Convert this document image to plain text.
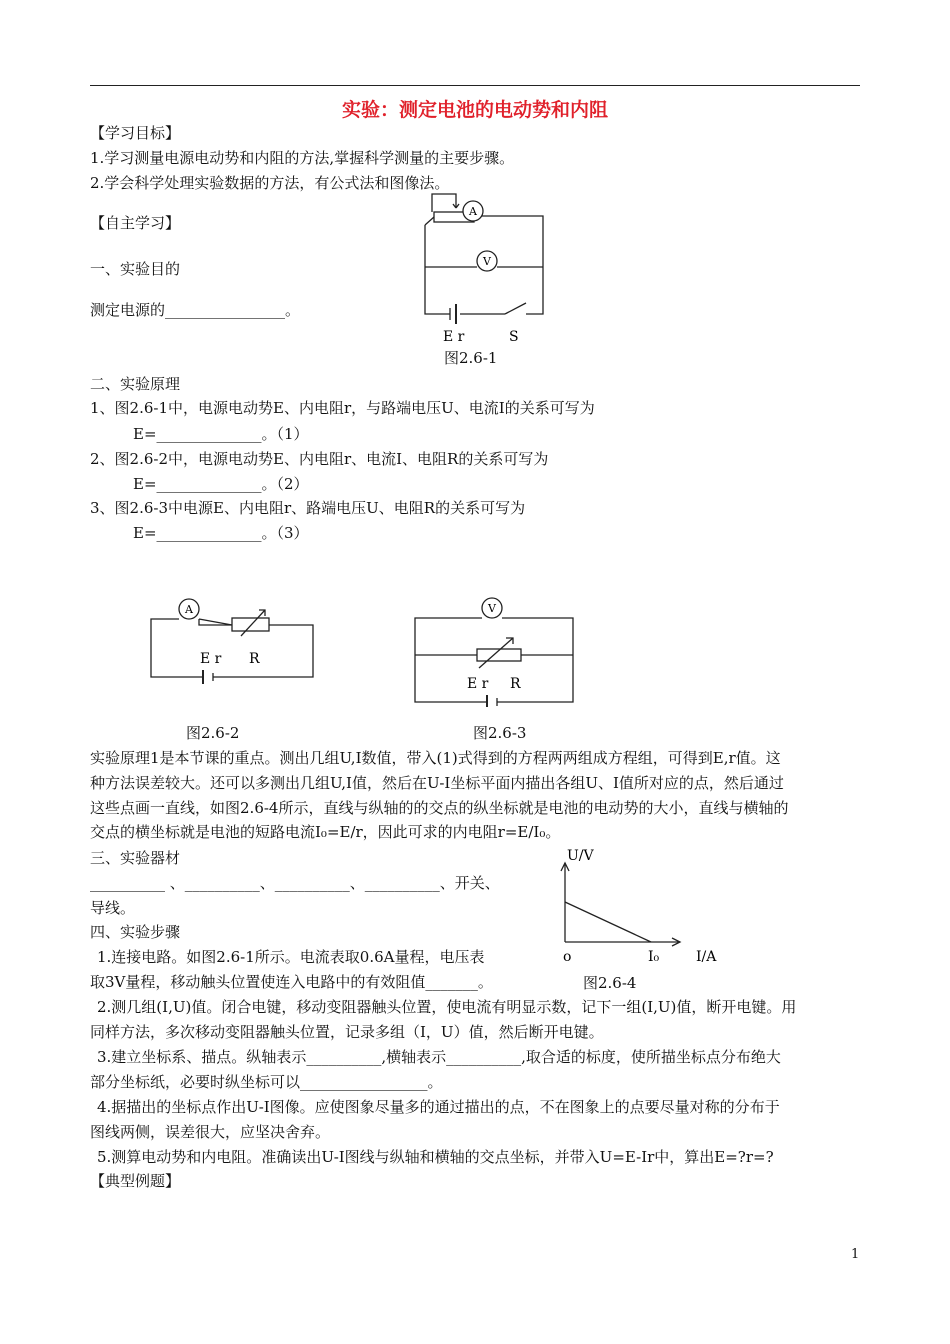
实验：测定电池的电动势和内阻
【学习目标】
1.学习测量电源电动势和内阻的方法,掌握科学测量的主要步骤。
2.学会科学处理实验数据的方法，有公式法和图像法。
【自主学习】
一、实验目的
测定电源的________________。
A
V
E r	S
图2.6-1
二、实验原理
1、图2.6-1中，电源电动势E、内电阻r，与路端电压U、电流I的关系可写为
E=______________。（1）
2、图2.6-2中，电源电动势E、内电阻r、电流I、电阻R的关系可写为
E=______________。（2）
3、图2.6-3中电源E、内电阻r、路端电压U、电阻R的关系可写为
E=______________。（3）
A
E r R
图2.6-2
V
E r R
图2.6-3
实验原理1是本节课的重点。测出几组U,I数值，带入(1)式得到的方程两两组成方程组，可得到E,r值。这
种方法误差较大。还可以多测出几组U,I值，然后在U-I坐标平面内描出各组U、I值所对应的点，然后通过
这些点画一直线，如图2.6-4所示，直线与纵轴的的交点的纵坐标就是电池的电动势的大小，直线与横轴的
交点的横坐标就是电池的短路电流I₀=E/r，因此可求的内电阻r=E/I₀。
三、实验器材
__________ 、__________、__________、__________、开关、
导线。
U/V
I/A
o	I₀
四、实验步骤
1.连接电路。如图2.6-1所示。电流表取0.6A量程，电压表
取3V量程，移动触头位置使连入电路中的有效阻值_______。	图2.6-4
2.测几组(I,U)值。闭合电键，移动变阻器触头位置，使电流有明显示数，记下一组(I,U)值，断开电键。用
同样方法，多次移动变阻器触头位置，记录多组（I，U）值，然后断开电键。
3.建立坐标系、描点。纵轴表示__________,横轴表示__________,取合适的标度，使所描坐标点分布绝大
部分坐标纸，必要时纵坐标可以_________________。
4.据描出的坐标点作出U-I图像。应使图象尽量多的通过描出的点，不在图象上的点要尽量对称的分布于
图线两侧，误差很大，应坚决舍弃。
5.测算电动势和内电阻。准确读出U-I图线与纵轴和横轴的交点坐标，并带入U=E-Ir中，算出E=?r=?
【典型例题】
1
